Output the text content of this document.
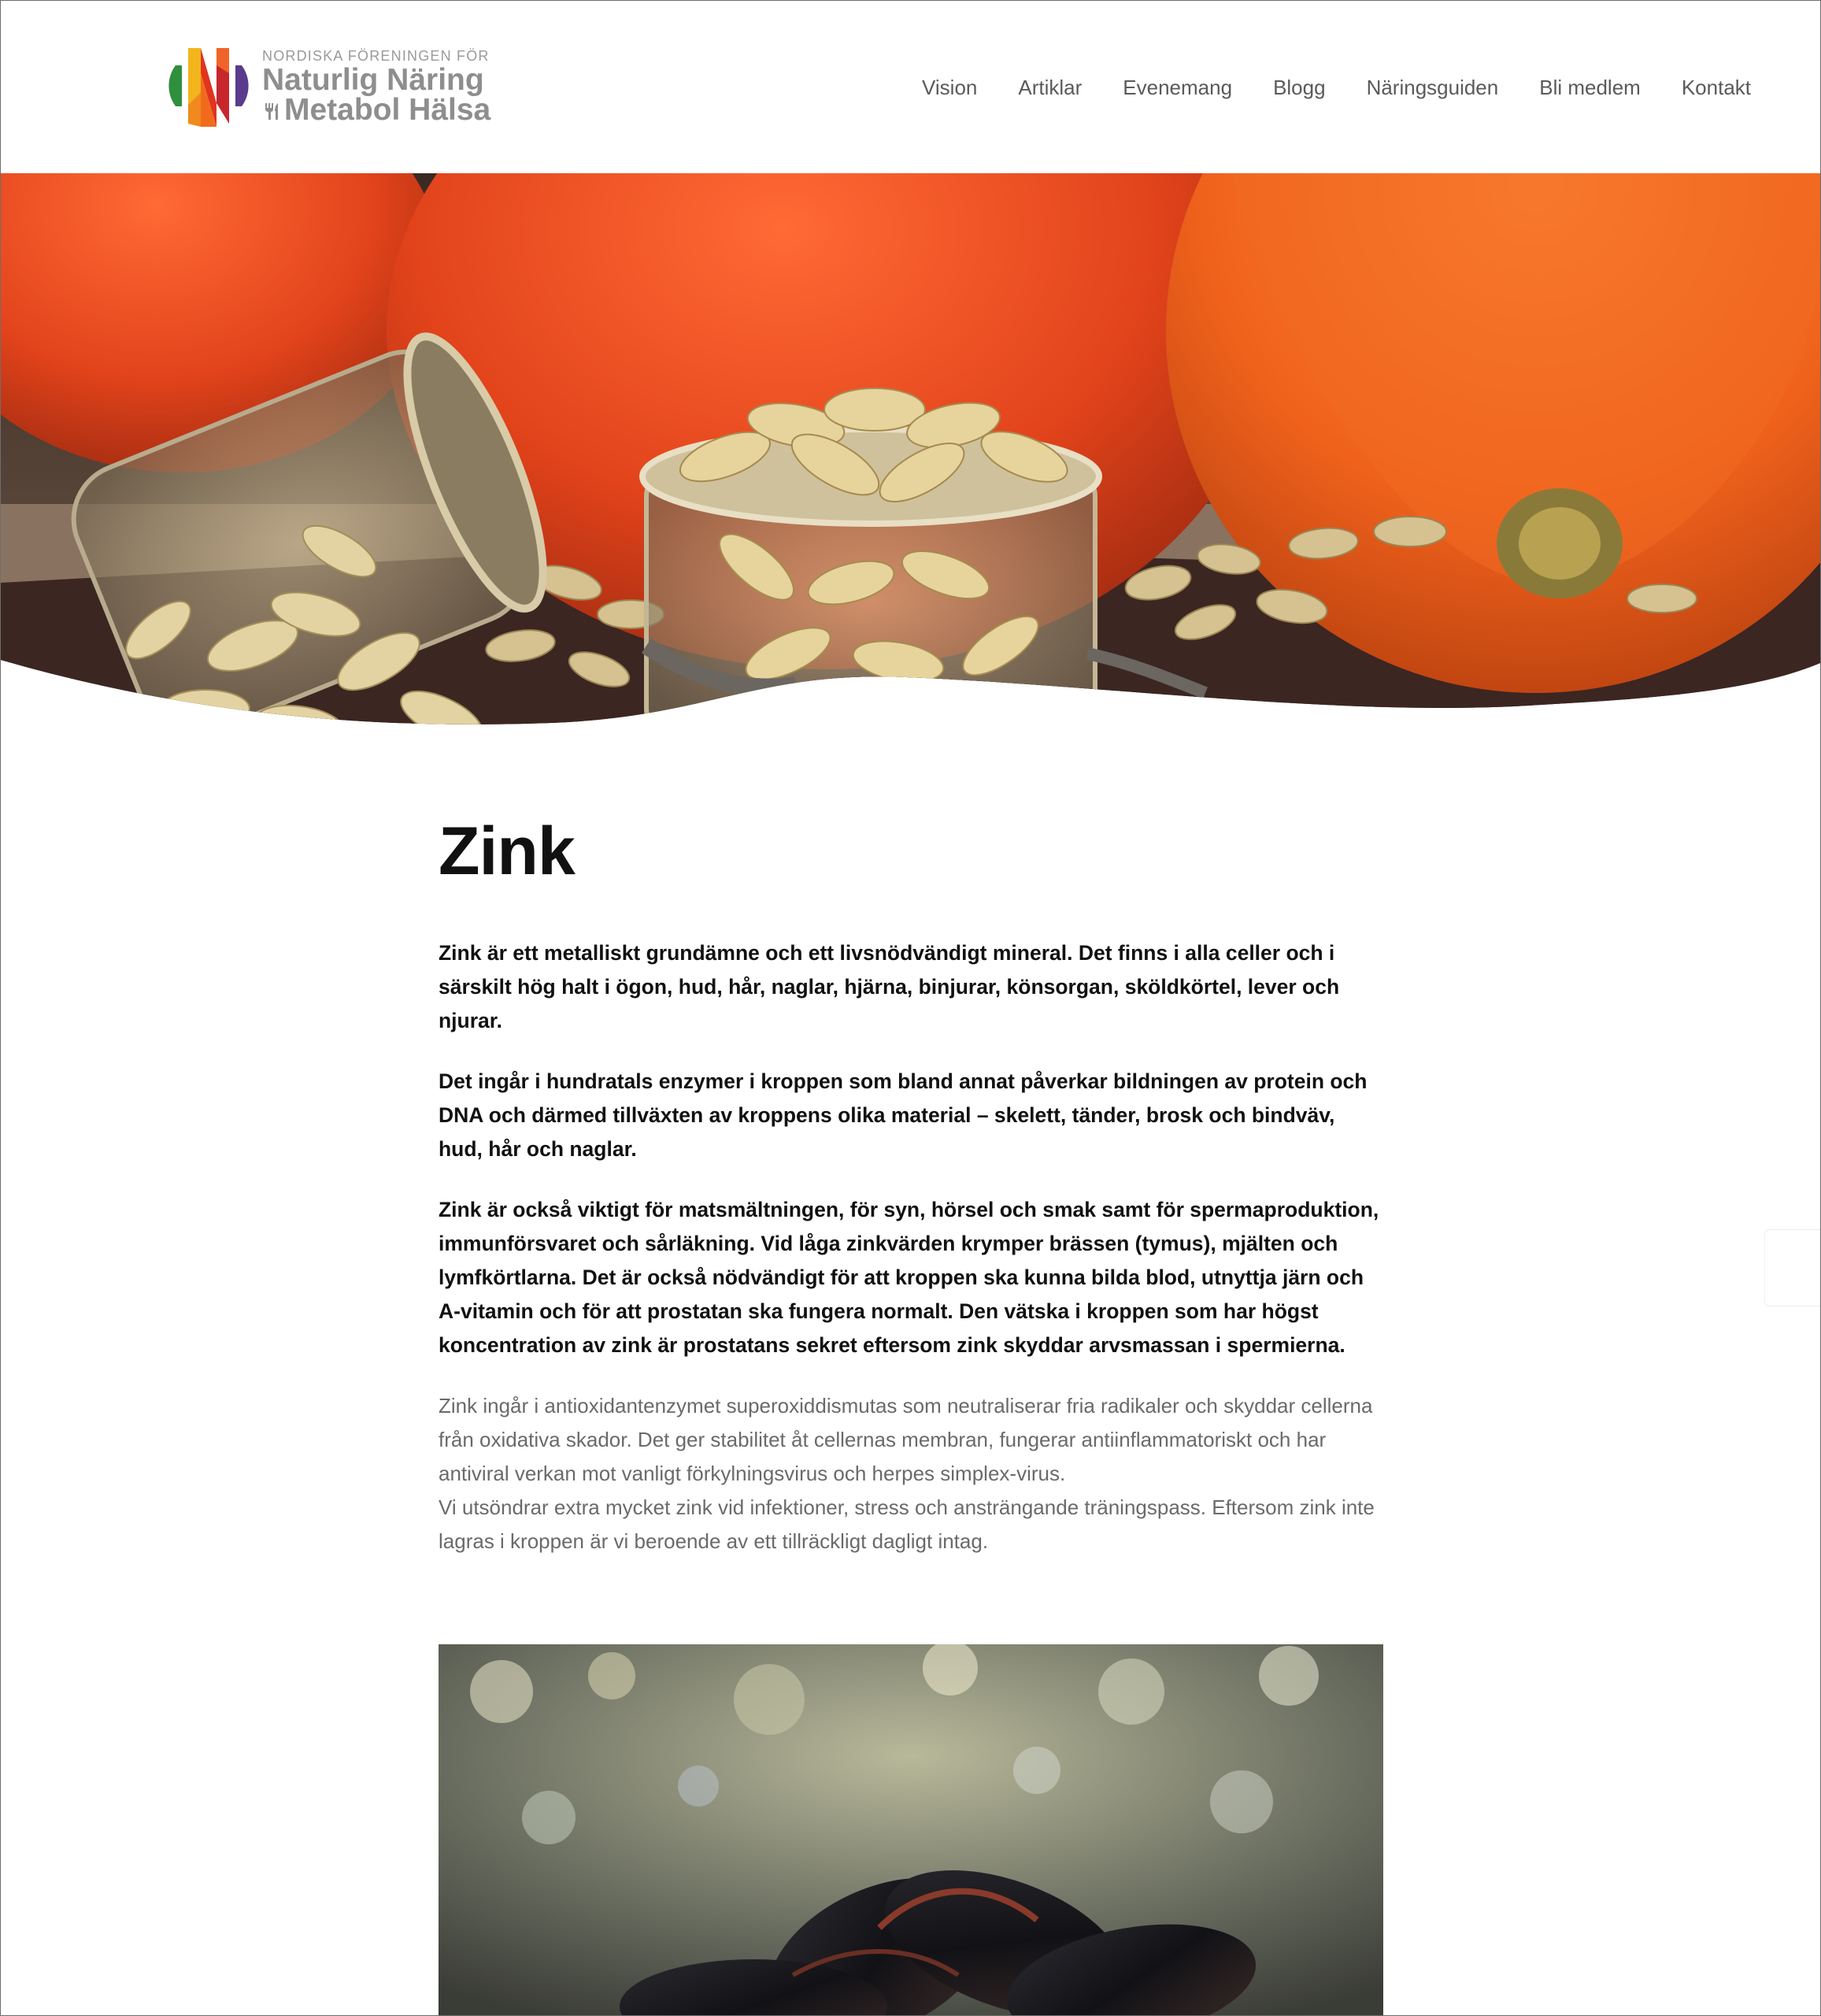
NORDISKA FÖRENINGEN FÖR
Naturlig Näring
Metabol Hälsa
Vision	Artiklar	Evenemang	Blogg	Näringsguiden	Bli medlem	Kontakt
Zink

Zink är ett metalliskt grundämne och ett livsnödvändigt mineral. Det finns i alla celler och i särskilt hög halt i ögon, hud, hår, naglar, hjärna, binjurar, könsorgan, sköldkörtel, lever och njurar.

Det ingår i hundratals enzymer i kroppen som bland annat påverkar bildningen av protein och DNA och därmed tillväxten av kroppens olika material – skelett, tänder, brosk och bindväv, hud, hår och naglar.

Zink är också viktigt för matsmältningen, för syn, hörsel och smak samt för spermaproduktion, immunförsvaret och sårläkning. Vid låga zinkvärden krymper brässen (tymus), mjälten och lymfkörtlarna. Det är också nödvändigt för att kroppen ska kunna bilda blod, utnyttja järn och A-vitamin och för att prostatan ska fungera normalt. Den vätska i kroppen som har högst koncentration av zink är prostatans sekret eftersom zink skyddar arvsmassan i spermierna.

Zink ingår i antioxidantenzymet superoxiddismutas som neutraliserar fria radikaler och skyddar cellerna från oxidativa skador. Det ger stabilitet åt cellernas membran, fungerar antiinflammatoriskt och har antiviral verkan mot vanligt förkylningsvirus och herpes simplex-virus.

Vi utsöndrar extra mycket zink vid infektioner, stress och ansträngande träningspass. Eftersom zink inte lagras i kroppen är vi beroende av ett tillräckligt dagligt intag.
